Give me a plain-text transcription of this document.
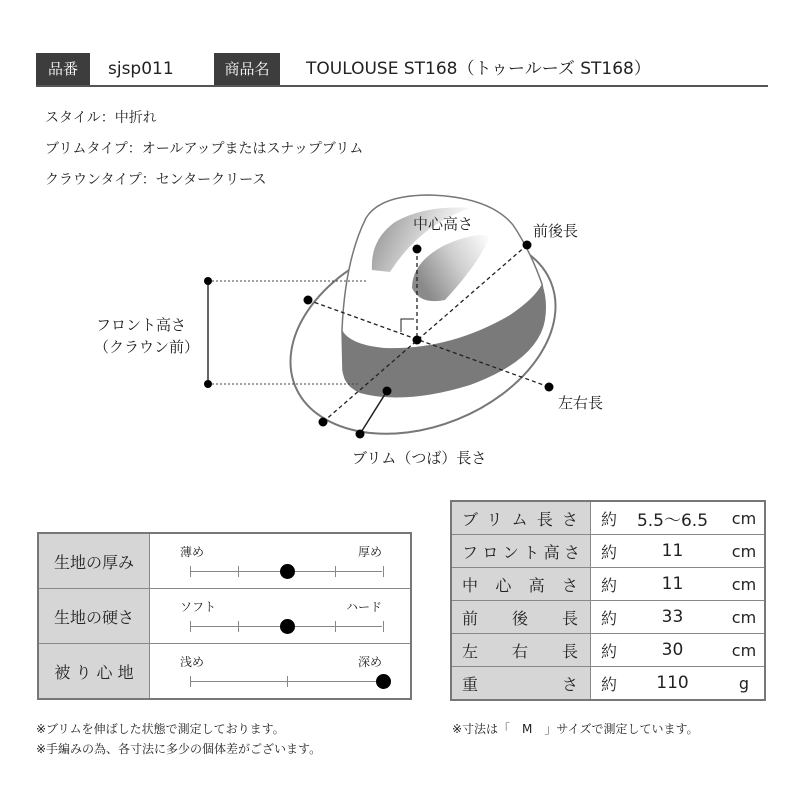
品番	sjsp011	商品名	TOULOUSE ST168（トゥールーズ ST168）
スタイル：中折れ
ブリムタイプ：オールアップまたはスナップブリム
クラウンタイプ：センタークリース
中心高さ	前後長
左右長
フロント高さ
（クラウン前）
ブリム（つば）長さ
生地の厚み	薄め 厚め

生地の硬さ	ソフト ハード

被 り 心 地	浅め 深め
ブリム長さ	約	5.5〜6.5	cm
フロント高さ	約	11	cm
中心高さ	約	11	cm
前後長	約	33	cm
左右長	約	30	cm
重さ	約	110	g
※ブリムを伸ばした状態で測定しております。
※手編みの為、各寸法に多少の個体差がございます。
※寸法は「　M　」サイズで測定しています。
